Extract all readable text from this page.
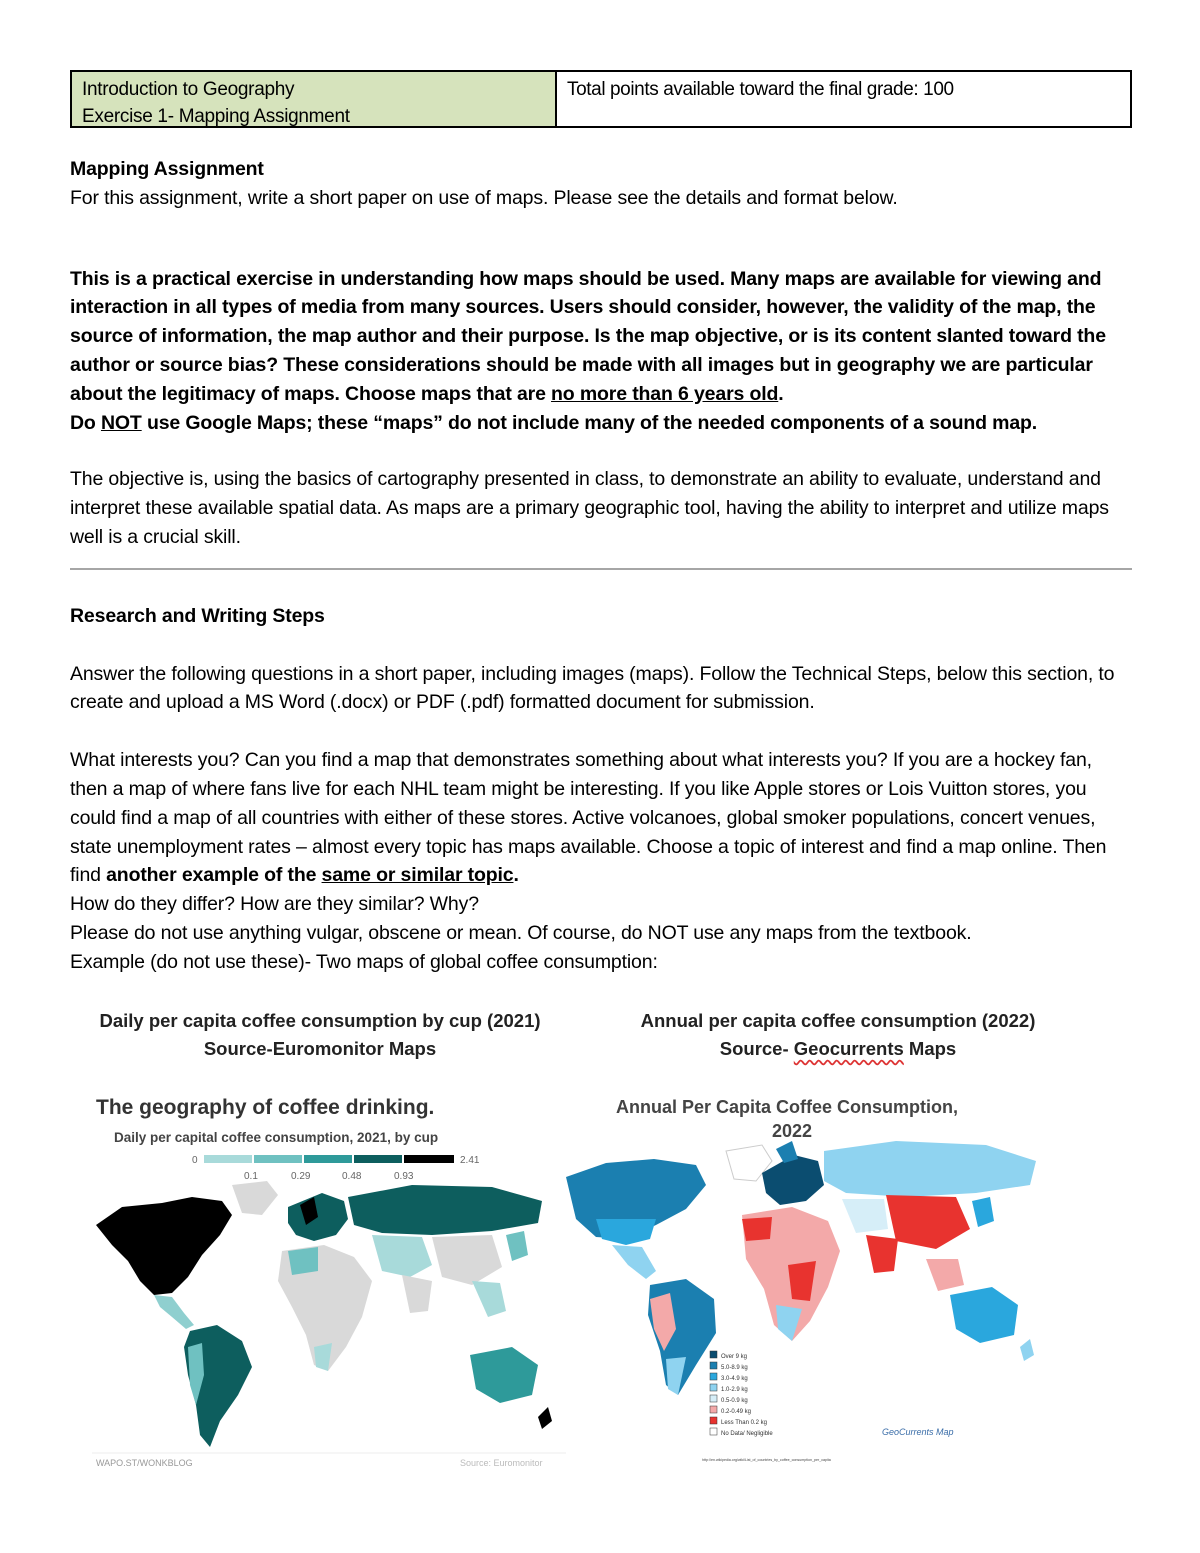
Introduction to Geography
Exercise 1- Mapping Assignment
Total points available toward the final grade: 100

Mapping Assignment

For this assignment, write a short paper on use of maps. Please see the details and format below.

This is a practical exercise in understanding how maps should be used. Many maps are available for viewing and interaction in all types of media from many sources. Users should consider, however, the validity of the map, the source of information, the map author and their purpose. Is the map objective, or is its content slanted toward the author or source bias? These considerations should be made with all images but in geography we are particular about the legitimacy of maps. Choose maps that are no more than 6 years old.
Do NOT use Google Maps; these “maps” do not include many of the needed components of a sound map.

The objective is, using the basics of cartography presented in class, to demonstrate an ability to evaluate, understand and interpret these available spatial data. As maps are a primary geographic tool, having the ability to interpret and utilize maps well is a crucial skill.

Research and Writing Steps

Answer the following questions in a short paper, including images (maps). Follow the Technical Steps, below this section, to create and upload a MS Word (.docx) or PDF (.pdf) formatted document for submission.

What interests you? Can you find a map that demonstrates something about what interests you? If you are a hockey fan, then a map of where fans live for each NHL team might be interesting. If you like Apple stores or Lois Vuitton stores, you could find a map of all countries with either of these stores. Active volcanoes, global smoker populations, concert venues, state unemployment rates – almost every topic has maps available. Choose a topic of interest and find a map online. Then find another example of the same or similar topic.

How do they differ? How are they similar? Why?

Please do not use anything vulgar, obscene or mean. Of course, do NOT use any maps from the textbook.

Example (do not use these)- Two maps of global coffee consumption:

Daily per capita coffee consumption by cup (2021)
Source-Euromonitor Maps
Annual per capita coffee consumption (2022)
Source- Geocurrents Maps
The geography of coffee drinking.
Daily per capital coffee consumption, 2021, by cup
0	2.41
0.1	0.29	0.48	0.93
WAPO.ST/WONKBLOG	Source: Euromonitor
Annual Per Capita Coffee Consumption,
2022
Over 9 kg
5.0-8.9 kg
3.0-4.9 kg
1.0-2.9 kg
0.5-0.9 kg
0.2-0.49 kg
Less Than 0.2 kg
No Data/ Negligible	GeoCurrents Map
http://en.wikipedia.org/wiki/List_of_countries_by_coffee_consumption_per_capita
